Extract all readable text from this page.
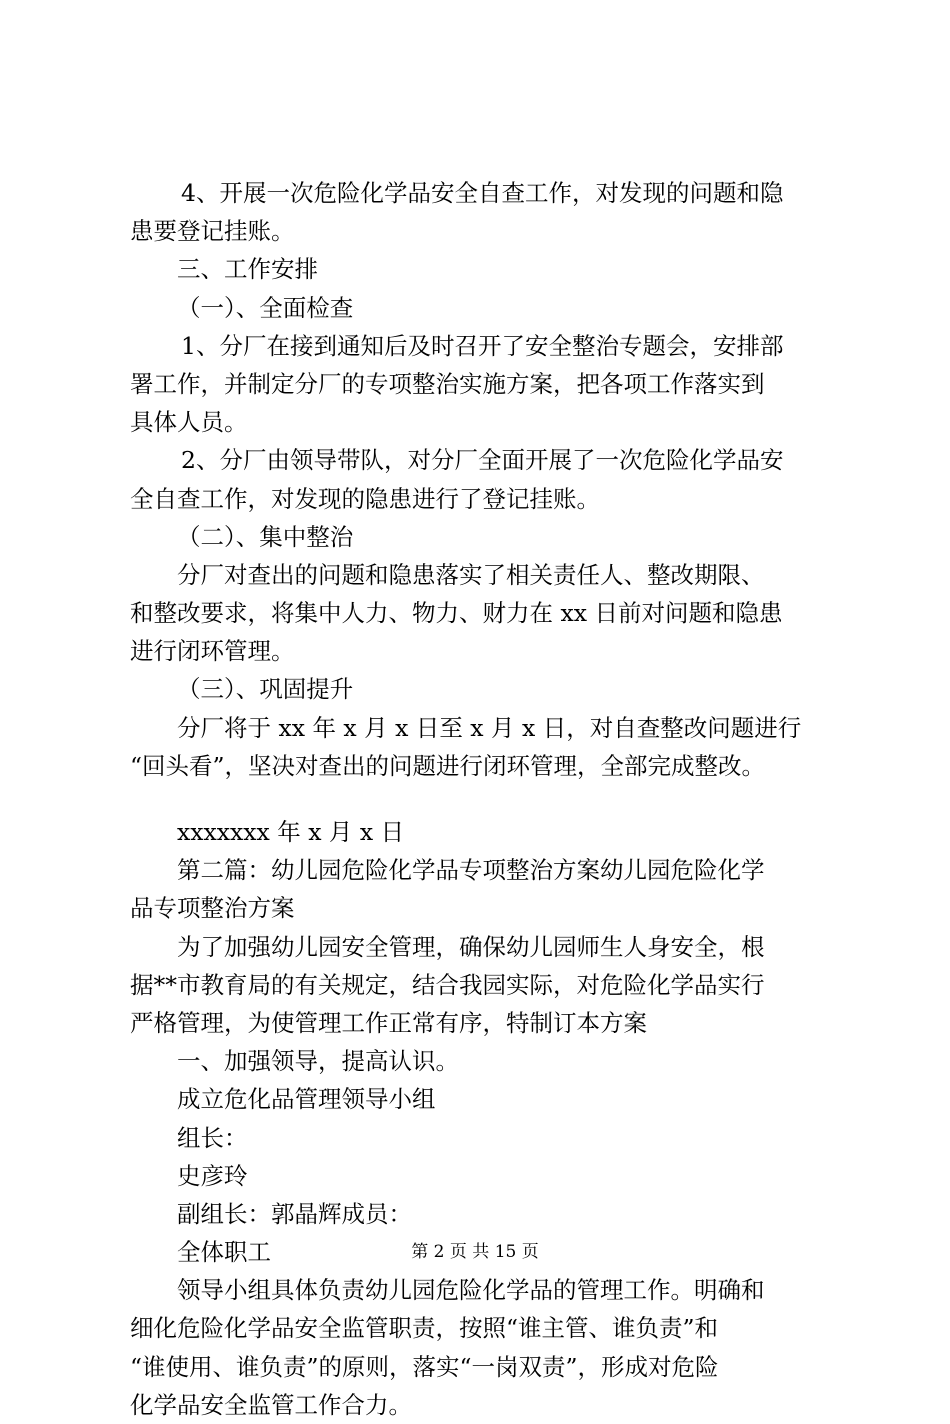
4、开展一次危险化学品安全自查工作，对发现的问题和隐
患要登记挂账。
三、工作安排
（一）、全面检查
1、分厂在接到通知后及时召开了安全整治专题会，安排部
署工作，并制定分厂的专项整治实施方案，把各项工作落实到
具体人员。
2、分厂由领导带队，对分厂全面开展了一次危险化学品安
全自查工作，对发现的隐患进行了登记挂账。
（二）、集中整治
分厂对查出的问题和隐患落实了相关责任人、整改期限、
和整改要求，将集中人力、物力、财力在 xx 日前对问题和隐患
进行闭环管理。
（三）、巩固提升
分厂将于 xx 年 x 月 x 日至 x 月 x 日，对自查整改问题进行
“回头看”，坚决对查出的问题进行闭环管理，全部完成整改。
xxxxxxx 年 x 月 x 日
第二篇：幼儿园危险化学品专项整治方案幼儿园危险化学
品专项整治方案
为了加强幼儿园安全管理，确保幼儿园师生人身安全，根
据**市教育局的有关规定，结合我园实际，对危险化学品实行
严格管理，为使管理工作正常有序，特制订本方案
一、加强领导，提高认识。
成立危化品管理领导小组
组长：
史彦玲
副组长：郭晶辉成员：
全体职工
领导小组具体负责幼儿园危险化学品的管理工作。明确和
细化危险化学品安全监管职责，按照“谁主管、谁负责”和
“谁使用、谁负责”的原则，落实“一岗双责”，形成对危险
化学品安全监管工作合力。
第 2 页 共 15 页
